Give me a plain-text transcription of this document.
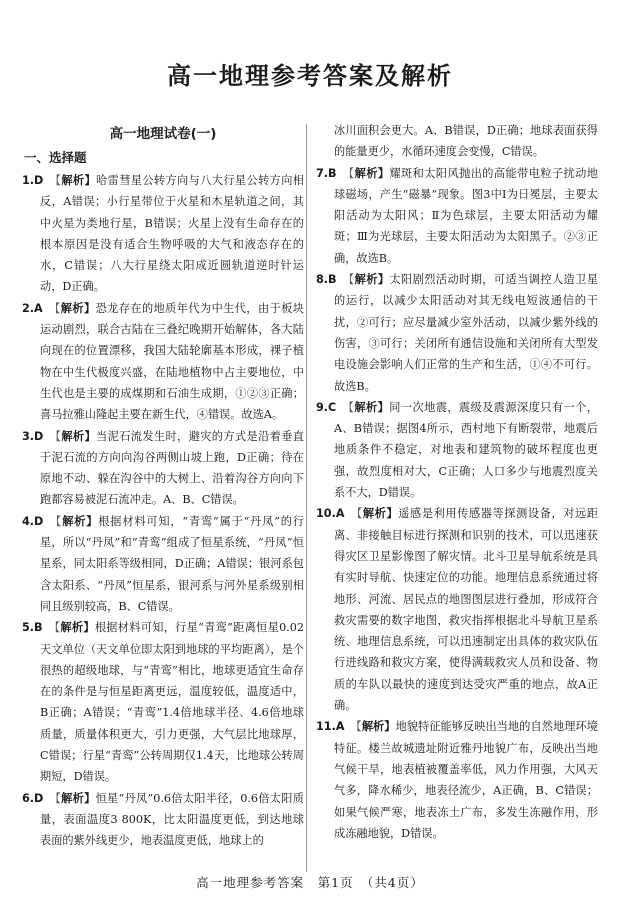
高一地理参考答案及解析
高一地理试卷(一)
一、选择题
1.D 【解析】哈雷彗星公转方向与八大行星公转方向相反，A错误；小行星带位于火星和木星轨道之间，其中火星为类地行星，B错误；火星上没有生命存在的根本原因是没有适合生物呼吸的大气和液态存在的水，C错误；八大行星绕太阳成近圆轨道逆时针运动，D正确。
2.A 【解析】恐龙存在的地质年代为中生代，由于板块运动剧烈，联合古陆在三叠纪晚期开始解体，各大陆向现在的位置漂移，我国大陆轮廓基本形成，裸子植物在中生代极度兴盛，在陆地植物中占主要地位，中生代也是主要的成煤期和石油生成期，①②③正确；喜马拉雅山隆起主要在新生代，④错误。故选A。
3.D 【解析】当泥石流发生时，避灾的方式是沿着垂直于泥石流的方向向沟谷两侧山坡上跑，D正确；待在原地不动、躲在沟谷中的大树上、沿着沟谷方向向下跑都容易被泥石流冲走。A、B、C错误。
4.D 【解析】根据材料可知，“青鸾”属于“丹凤”的行星，所以“丹凤”和“青鸾”组成了恒星系统，“丹凤”恒星系，同太阳系等级相同，D正确；A错误；银河系包含太阳系、“丹凤”恒星系，银河系与河外星系级别相同且级别较高，B、C错误。
5.B 【解析】根据材料可知，行星“青鸾”距离恒星0.02天文单位（天文单位即太阳到地球的平均距离），是个很热的超级地球，与“青鸾”相比，地球更适宜生命存在的条件是与恒星距离更远，温度较低，温度适中，B正确；A错误；“青鸾”1.4倍地球半径、4.6倍地球质量，质量体积更大，引力更强，大气层比地球厚，C错误；行星“青鸾”公转周期仅1.4天，比地球公转周期短，D错误。
6.D 【解析】恒星“丹凤”0.6倍太阳半径，0.6倍太阳质量，表面温度3 800K，比太阳温度更低，到达地球表面的紫外线更少，地表温度更低，地球上的
冰川面积会更大。A、B错误，D正确；地球表面获得的能量更少，水循环速度会变慢，C错误。
7.B 【解析】耀斑和太阳风抛出的高能带电粒子扰动地球磁场，产生“磁暴”现象。图3中Ⅰ为日冕层，主要太阳活动为太阳风；Ⅱ为色球层，主要太阳活动为耀斑；Ⅲ为光球层，主要太阳活动为太阳黑子。②③正确，故选B。
8.B 【解析】太阳剧烈活动时期，可适当调控人造卫星的运行，以减少太阳活动对其无线电短波通信的干扰，②可行；应尽量减少室外活动，以减少紫外线的伤害，③可行；关闭所有通信设施和关闭所有大型发电设施会影响人们正常的生产和生活，①④不可行。故选B。
9.C 【解析】同一次地震，震级及震源深度只有一个，A、B错误；据图4所示，西村地下有断裂带，地震后地质条件不稳定，对地表和建筑物的破坏程度也更强，故烈度相对大，C正确；人口多少与地震烈度关系不大，D错误。
10.A 【解析】遥感是利用传感器等探测设备，对远距离、非接触目标进行探测和识别的技术，可以迅速获得灾区卫星影像图了解灾情。北斗卫星导航系统是具有实时导航、快速定位的功能。地理信息系统通过将地形、河流、居民点的地图图层进行叠加，形成符合救灾需要的数字地图，救灾指挥根据北斗导航卫星系统、地理信息系统，可以迅速制定出具体的救灾队伍行进线路和救灾方案，使得满载救灾人员和设备、物质的车队以最快的速度到达受灾严重的地点，故A正确。
11.A 【解析】地貌特征能够反映出当地的自然地理环境特征。楼兰故城遗址附近雅丹地貌广布，反映出当地气候干旱，地表植被覆盖率低，风力作用强，大风天气多，降水稀少，地表径流少，A正确，B、C错误；如果气候严寒，地表冻土广布，多发生冻融作用，形成冻融地貌，D错误。
高一地理参考答案　第1页　（共4页）
